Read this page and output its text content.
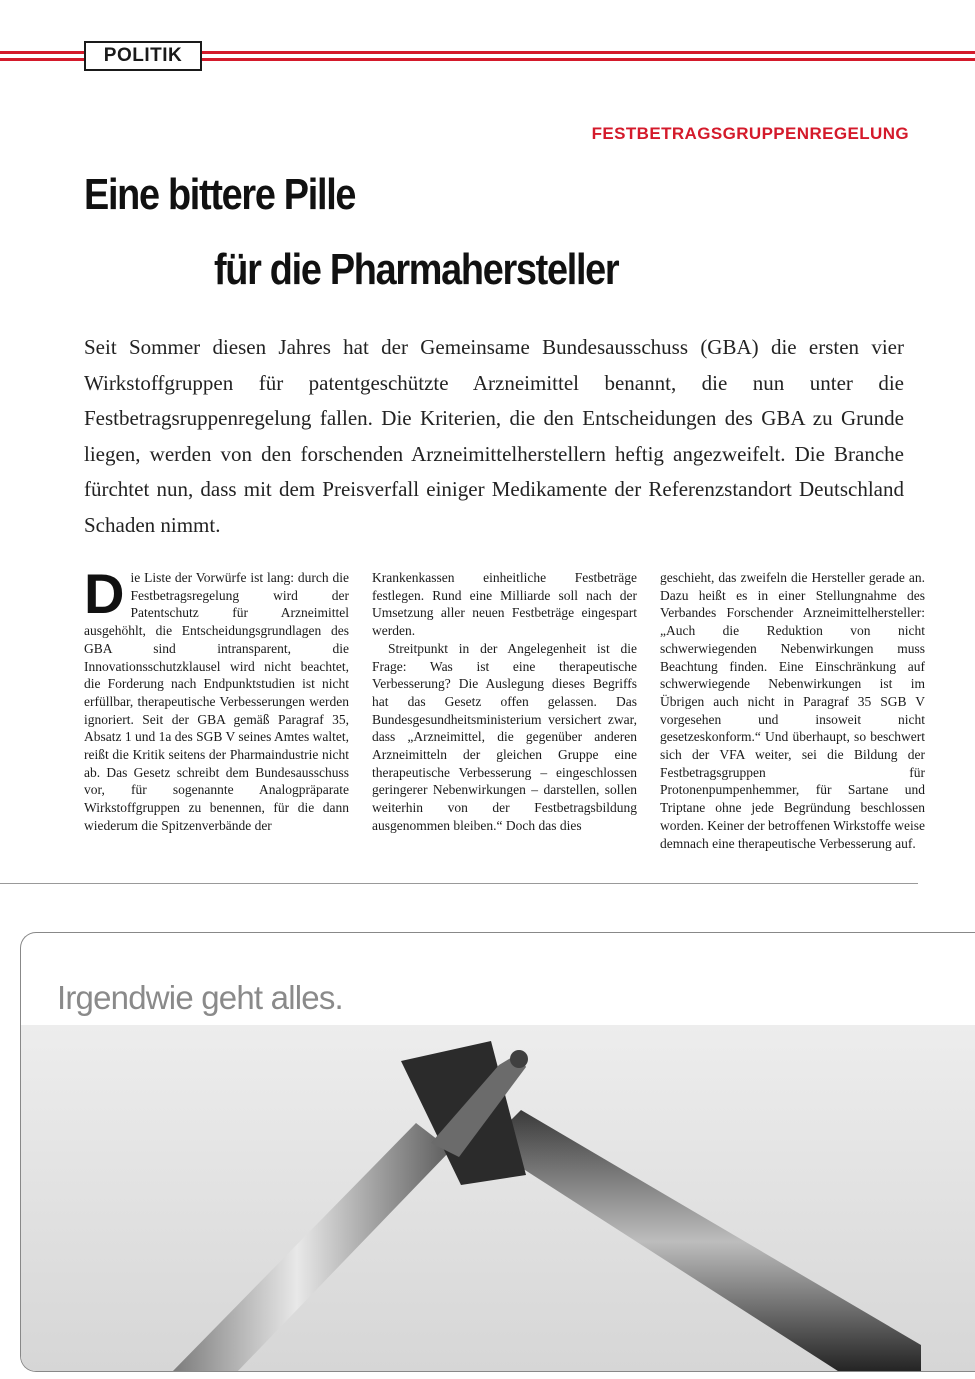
POLITIK
FESTBETRAGSGRUPPENREGELUNG
Eine bittere Pille
für die Pharmahersteller

Seit Sommer diesen Jahres hat der Gemeinsame Bundesausschuss (GBA) die ersten vier Wirkstoffgruppen für patentgeschützte Arzneimittel benannt, die nun unter die Festbetragsruppenregelung fallen. Die Kriterien, die den Entscheidungen des GBA zu Grunde liegen, werden von den forschenden Arzneimittelherstellern heftig angezweifelt. Die Branche fürchtet nun, dass mit dem Preisverfall einiger Medikamente der Referenzstandort Deutschland Schaden nimmt.

Die Liste der Vorwürfe ist lang: durch die Festbetragsregelung wird der Patentschutz für Arzneimittel ausgehöhlt, die Entscheidungsgrundlagen des GBA sind intransparent, die Innovationsschutzklausel wird nicht beachtet, die Forderung nach Endpunktstudien ist nicht erfüllbar, therapeutische Verbesserungen werden ignoriert. Seit der GBA gemäß Paragraf 35, Absatz 1 und 1a des SGB V seines Amtes waltet, reißt die Kritik seitens der Pharmaindustrie nicht ab. Das Gesetz schreibt dem Bundesausschuss vor, für sogenannte Analogpräparate Wirkstoffgruppen zu benennen, für die dann wiederum die Spitzenverbände der

Krankenkassen einheitliche Festbeträge festlegen. Rund eine Milliarde soll nach der Umsetzung aller neuen Festbeträge eingespart werden.
Streitpunkt in der Angelegenheit ist die Frage: Was ist eine therapeutische Verbesserung? Die Auslegung dieses Begriffs hat das Gesetz offen gelassen. Das Bundesgesundheitsministerium versichert zwar, dass „Arzneimittel, die gegenüber anderen Arzneimitteln der gleichen Gruppe eine therapeutische Verbesserung – eingeschlossen geringerer Nebenwirkungen – darstellen, sollen weiterhin von der Festbetragsbildung ausgenommen bleiben.“ Doch das dies

geschieht, das zweifeln die Hersteller gerade an. Dazu heißt es in einer Stellungnahme des Verbandes Forschender Arzneimittelhersteller: „Auch die Reduktion von nicht schwerwiegenden Nebenwirkungen muss Beachtung finden. Eine Einschränkung auf schwerwiegende Nebenwirkungen ist im Übrigen auch nicht in Paragraf 35 SGB V vorgesehen und insoweit nicht gesetzeskonform.“ Und überhaupt, so beschwert sich der VFA weiter, sei die Bildung der Festbetragsgruppen für Protonenpumpenhemmer, für Sartane und Triptane ohne jede Begründung beschlossen worden. Keiner der betroffenen Wirkstoffe weise demnach eine therapeutische Verbesserung auf.

Irgendwie geht alles.
